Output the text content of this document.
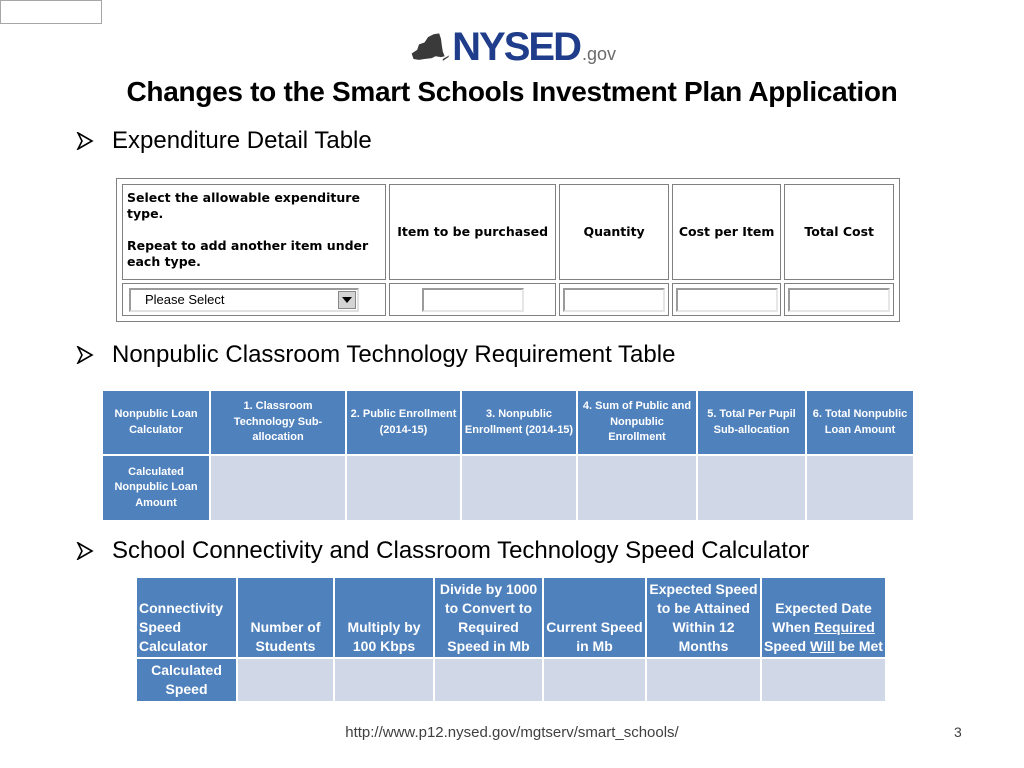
NYSED .gov
Changes to the Smart Schools Investment Plan Application
Expenditure Detail Table

Select the allowable expenditure type.

Repeat to add another item under each type.	Item to be purchased	Quantity	Cost per Item	Total Cost

Please Select				

Nonpublic Classroom Technology Requirement Table
Nonpublic Loan Calculator	1. Classroom Technology Sub-allocation	2. Public Enrollment (2014-15)	3. Nonpublic Enrollment (2014-15)	4. Sum of Public and Nonpublic Enrollment	5. Total Per Pupil Sub-allocation	6. Total Nonpublic Loan Amount
Calculated Nonpublic Loan Amount						
School Connectivity and Classroom Technology Speed Calculator
Connectivity Speed Calculator	Number of Students	Multiply by 100 Kbps	Divide by 1000 to Convert to Required Speed in Mb	Current Speed in Mb	Expected Speed to be Attained Within 12 Months	Expected Date When Required Speed Will be Met
Calculated Speed						
http://www.p12.nysed.gov/mgtserv/smart_schools/	3
